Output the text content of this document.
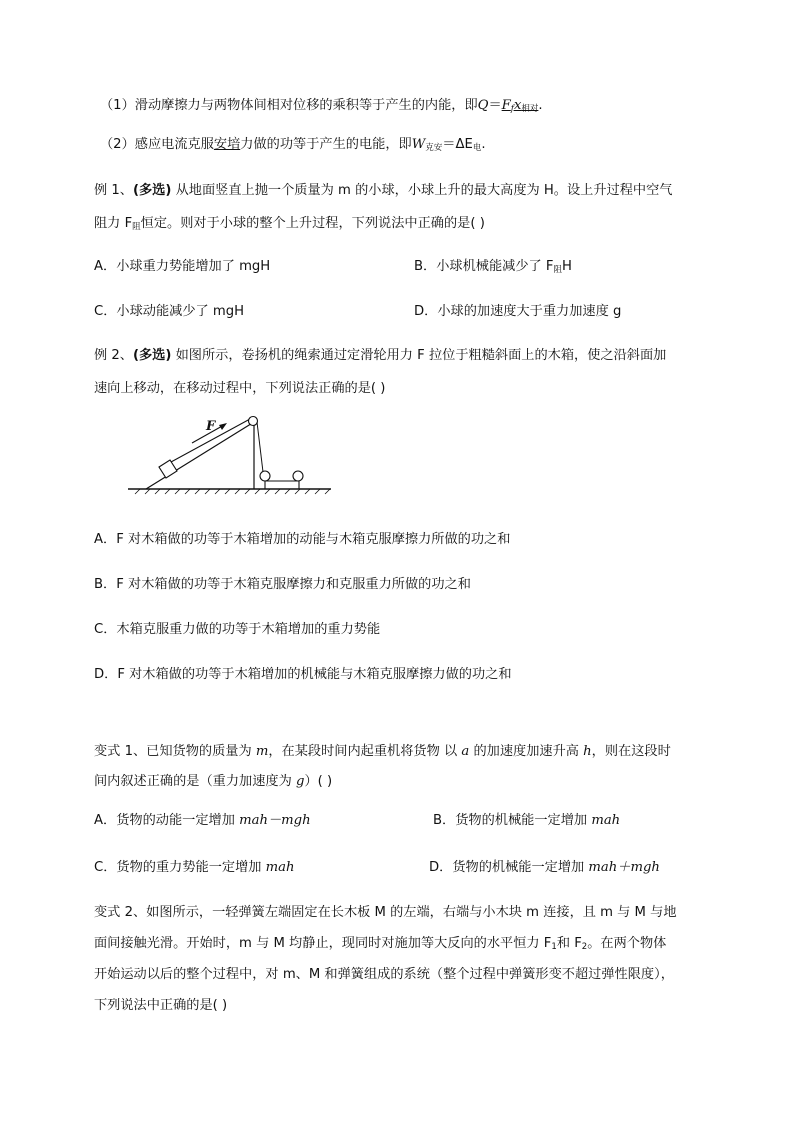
（1）滑动摩擦力与两物体间相对位移的乘积等于产生的内能，即$Q=F_fx_{相对}$.
（2）感应电流克服安培力做的功等于产生的电能，即$W_{克安}=\Delta E_电$.
例 1、(多选) 从地面竖直上抛一个质量为 m 的小球，小球上升的最大高度为 H。设上升过程中空气
阻力 $F_阻$恒定。则对于小球的整个上升过程，下列说法中正确的是( )
A．小球重力势能增加了 mgH	B．小球机械能减少了 $F_阻H$
C．小球动能减少了 mgH	D．小球的加速度大于重力加速度 g
例 2、(多选) 如图所示，卷扬机的绳索通过定滑轮用力 F 拉位于粗糙斜面上的木箱，使之沿斜面加
速向上移动，在移动过程中，下列说法正确的是( )
F
A．F 对木箱做的功等于木箱增加的动能与木箱克服摩擦力所做的功之和
B．F 对木箱做的功等于木箱克服摩擦力和克服重力所做的功之和
C．木箱克服重力做的功等于木箱增加的重力势能
D．F 对木箱做的功等于木箱增加的机械能与木箱克服摩擦力做的功之和
变式 1、已知货物的质量为 m，在某段时间内起重机将货物 以 a 的加速度加速升高 h，则在这段时
间内叙述正确的是（重力加速度为 g）( )
A．货物的动能一定增加 mah－mgh	B．货物的机械能一定增加 mah
C．货物的重力势能一定增加 mah	D．货物的机械能一定增加 mah＋mgh
变式 2、如图所示，一轻弹簧左端固定在长木板 M 的左端，右端与小木块 m 连接，且 m 与 M 与地
面间接触光滑。开始时，m 与 M 均静止，现同时对施加等大反向的水平恒力 $F_1$和 $F_2$。在两个物体
开始运动以后的整个过程中，对 m、M 和弹簧组成的系统（整个过程中弹簧形变不超过弹性限度），
下列说法中正确的是( )
